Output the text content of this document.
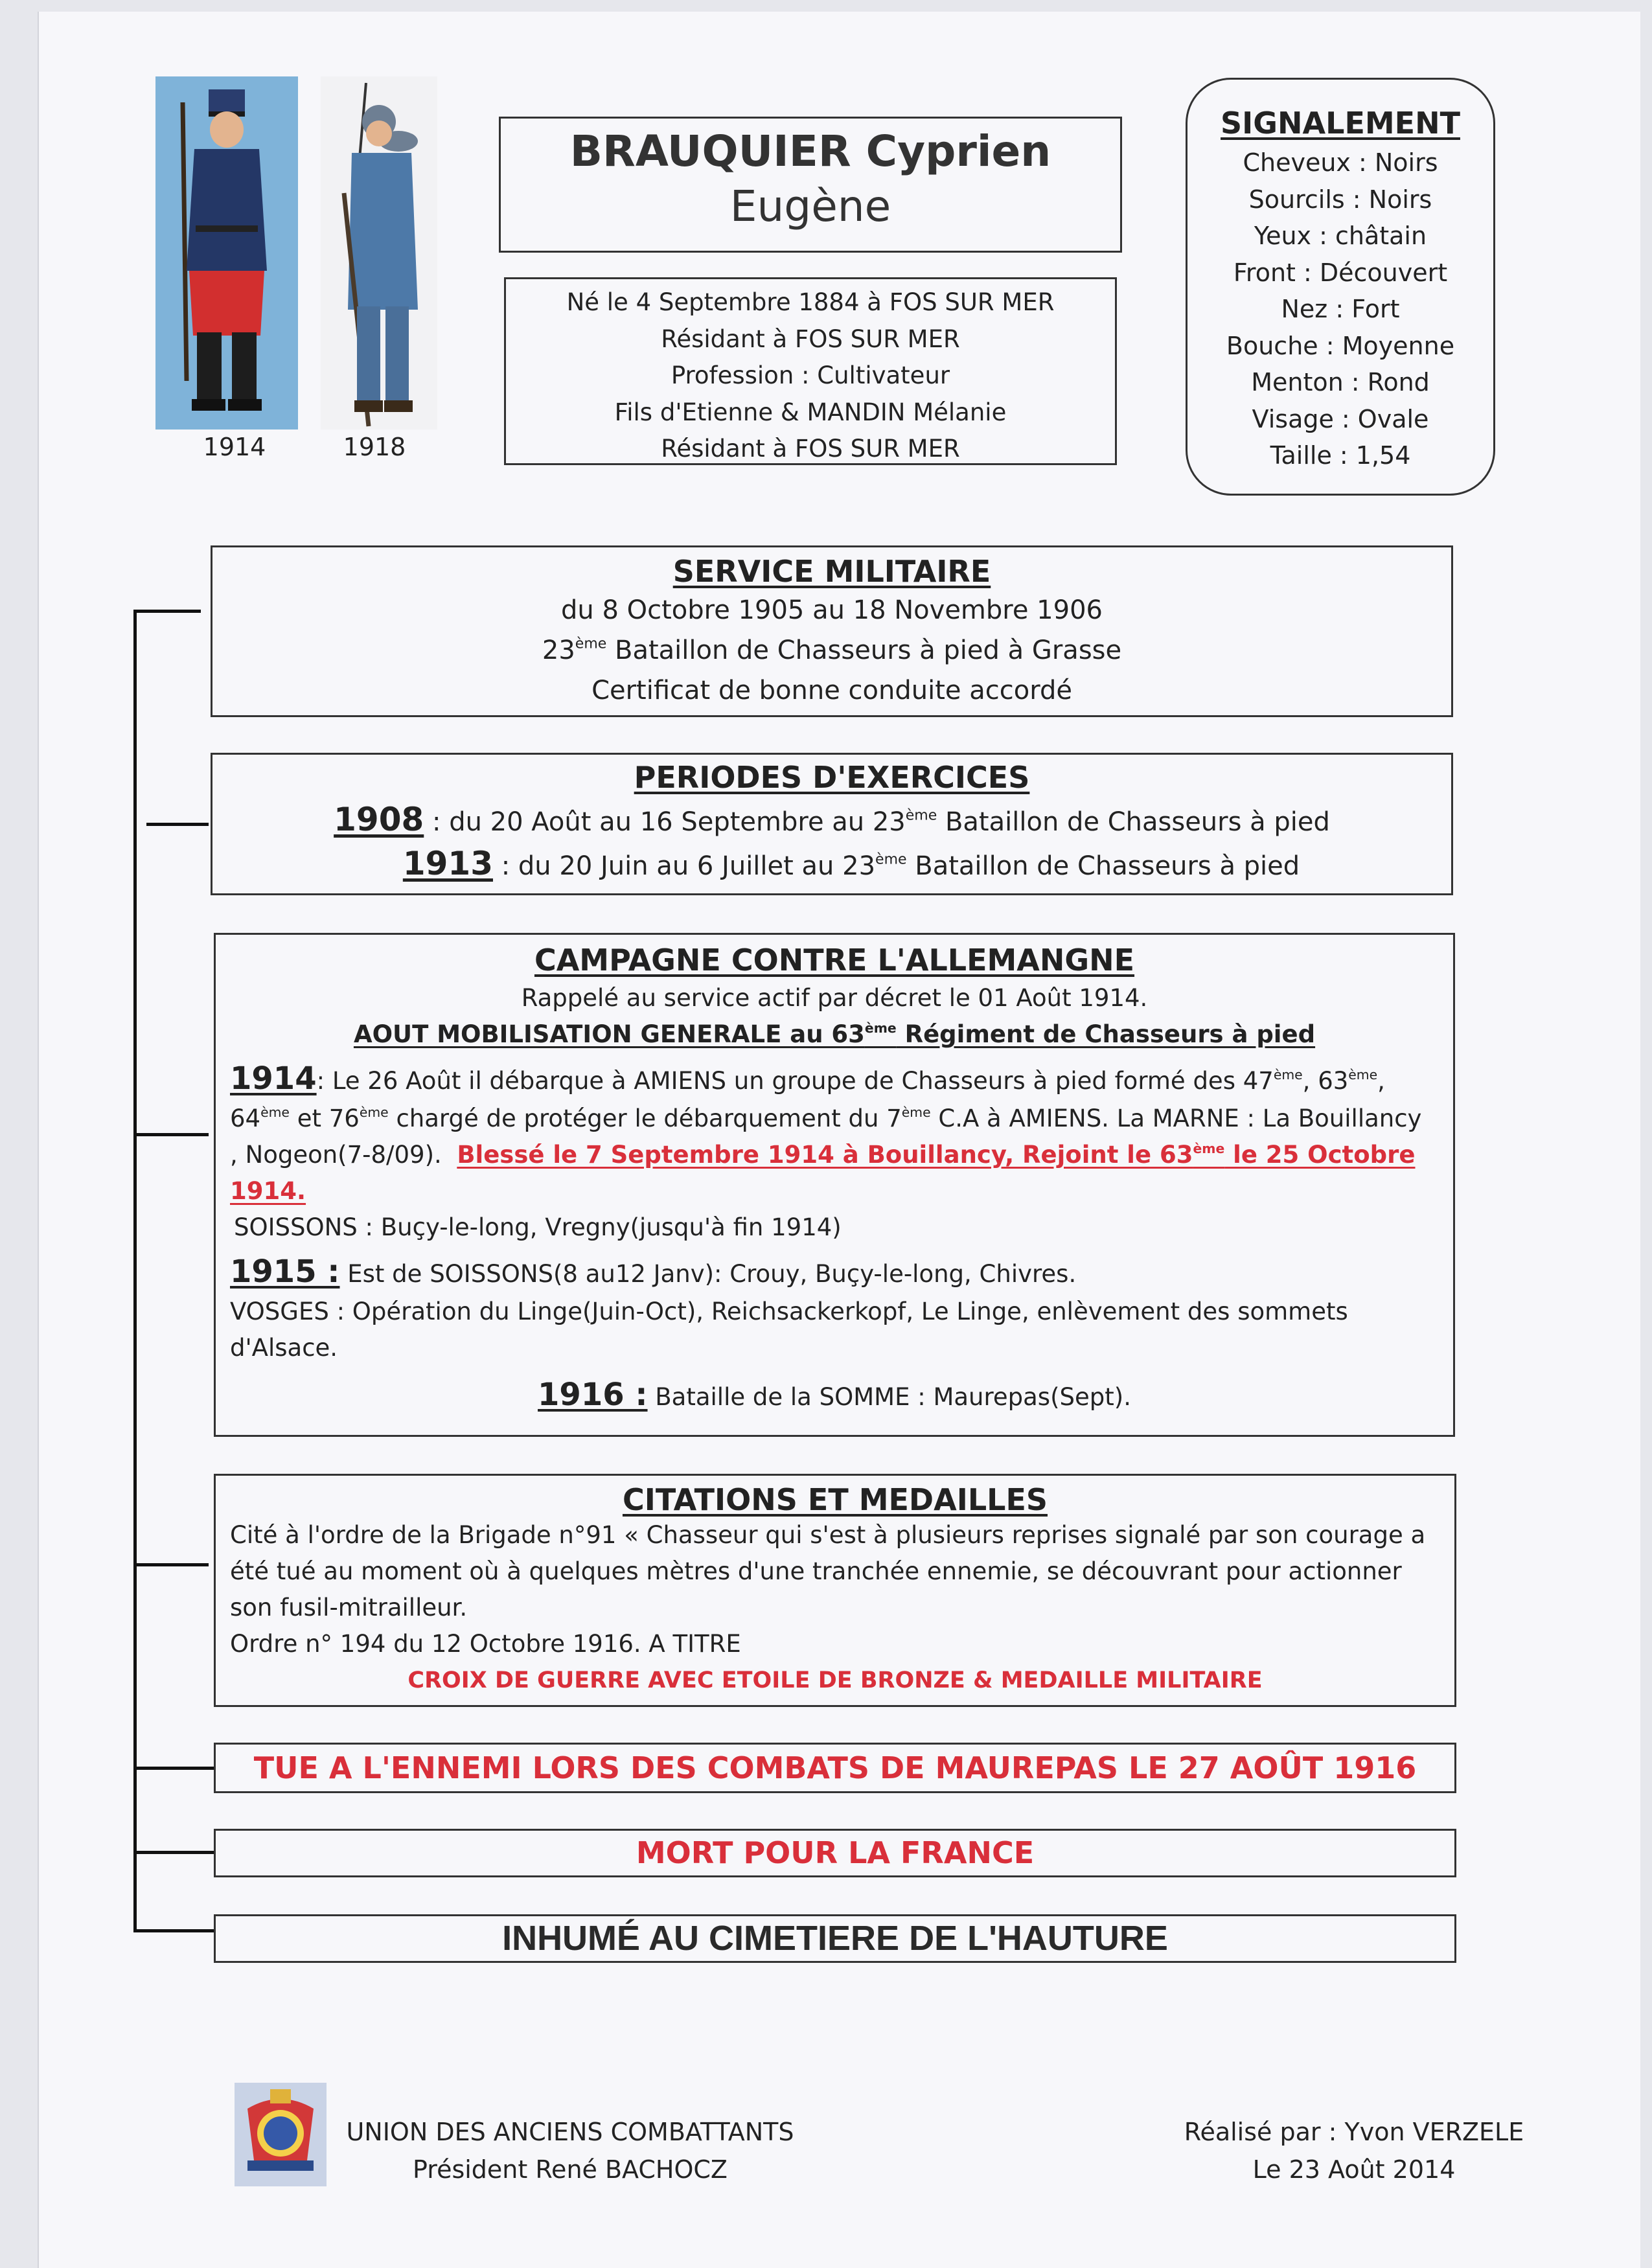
1914	1918
BRAUQUIER Cyprien
Eugène
Né le 4 Septembre 1884 à FOS SUR MER
Résidant à FOS SUR MER
Profession : Cultivateur
Fils d'Etienne & MANDIN Mélanie
Résidant à FOS SUR MER
SIGNALEMENT
Cheveux : Noirs
Sourcils : Noirs
Yeux : châtain
Front : Découvert
Nez : Fort
Bouche : Moyenne
Menton : Rond
Visage : Ovale
Taille : 1,54
SERVICE MILITAIRE
du 8 Octobre 1905 au 18 Novembre 1906
23ème Bataillon de Chasseurs à pied à Grasse
Certificat de bonne conduite accordé
PERIODES D'EXERCICES
1908 : du 20 Août au 16 Septembre au 23ème Bataillon de Chasseurs à pied
1913 : du 20 Juin au 6 Juillet au 23ème Bataillon de Chasseurs à pied
CAMPAGNE CONTRE L'ALLEMANGNE
Rappelé au service actif par décret le 01 Août 1914.
AOUT MOBILISATION GENERALE au 63ème Régiment de Chasseurs à pied
1914: Le 26 Août il débarque à AMIENS un groupe de Chasseurs à pied formé des 47ème, 63ème,
64ème et 76ème chargé de protéger le débarquement du 7ème C.A à AMIENS. La MARNE : La Bouillancy
, Nogeon(7-8/09). Blessé le 7 Septembre 1914 à Bouillancy, Rejoint le 63ème le 25 Octobre 1914.
SOISSONS : Buçy-le-long, Vregny(jusqu'à fin 1914)
1915 : Est de SOISSONS(8 au12 Janv): Crouy, Buçy-le-long, Chivres.
VOSGES : Opération du Linge(Juin-Oct), Reichsackerkopf, Le Linge, enlèvement des sommets
d'Alsace.
1916 : Bataille de la SOMME : Maurepas(Sept).
CITATIONS ET MEDAILLES
Cité à l'ordre de la Brigade n°91 « Chasseur qui s'est à plusieurs reprises signalé par son courage a
été tué au moment où à quelques mètres d'une tranchée ennemie, se découvrant pour actionner
son fusil-mitrailleur.
Ordre n° 194 du 12 Octobre 1916. A TITRE
CROIX DE GUERRE AVEC ETOILE DE BRONZE & MEDAILLE MILITAIRE
TUE A L'ENNEMI LORS DES COMBATS DE MAUREPAS LE 27 AOÛT 1916
MORT POUR LA FRANCE
INHUMÉ AU CIMETIERE DE L'HAUTURE
UNION DES ANCIENS COMBATTANTS
Président René BACHOCZ
Réalisé par : Yvon VERZELE
Le 23 Août 2014
